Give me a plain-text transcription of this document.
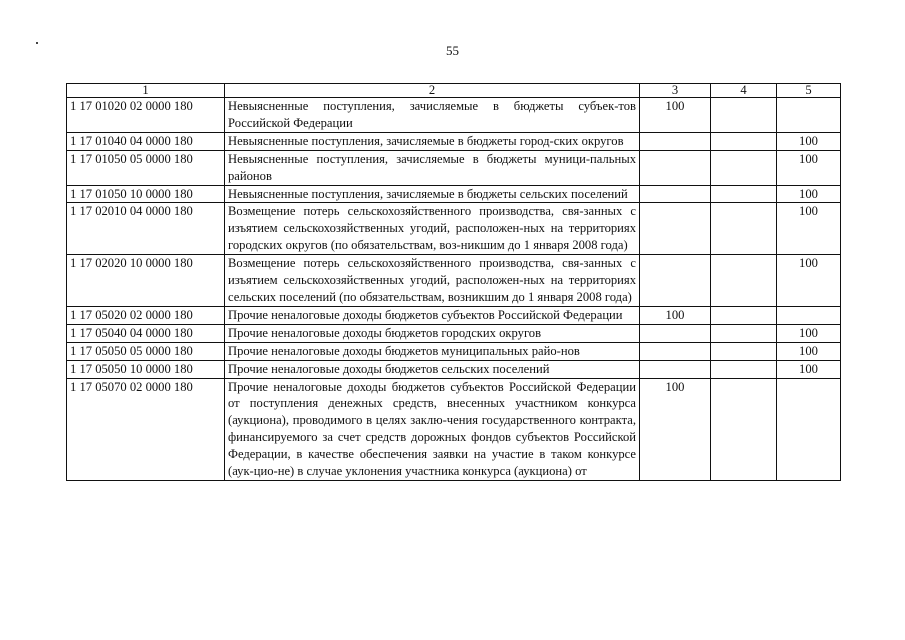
55
1	2	3	4	5
1 17 01020 02 0000 180	Невыясненные поступления, зачисляемые в бюджеты субъек-тов Российской Федерации	100		
1 17 01040 04 0000 180	Невыясненные поступления, зачисляемые в бюджеты город-ских округов			100
1 17 01050 05 0000 180	Невыясненные поступления, зачисляемые в бюджеты муници-пальных районов			100
1 17 01050 10 0000 180	Невыясненные поступления, зачисляемые в бюджеты сельских поселений			100
1 17 02010 04 0000 180	Возмещение потерь сельскохозяйственного производства, свя-занных с изъятием сельскохозяйственных угодий, расположен-ных на территориях городских округов (по обязательствам, воз-никшим до 1 января 2008 года)			100
1 17 02020 10 0000 180	Возмещение потерь сельскохозяйственного производства, свя-занных с изъятием сельскохозяйственных угодий, расположен-ных на территориях сельских поселений (по обязательствам, возникшим до 1 января 2008 года)			100
1 17 05020 02 0000 180	Прочие неналоговые доходы бюджетов субъектов Российской Федерации	100		
1 17 05040 04 0000 180	Прочие неналоговые доходы бюджетов городских округов			100
1 17 05050 05 0000 180	Прочие неналоговые доходы бюджетов муниципальных райо-нов			100
1 17 05050 10 0000 180	Прочие неналоговые доходы бюджетов сельских поселений			100
1 17 05070 02 0000 180	Прочие неналоговые доходы бюджетов субъектов Российской Федерации от поступления денежных средств, внесенных участником конкурса (аукциона), проводимого в целях заклю-чения государственного контракта, финансируемого за счет средств дорожных фондов субъектов Российской Федерации, в качестве обеспечения заявки на участие в таком конкурсе (аук-цио-не) в случае уклонения участника конкурса (аукциона) от	100		
